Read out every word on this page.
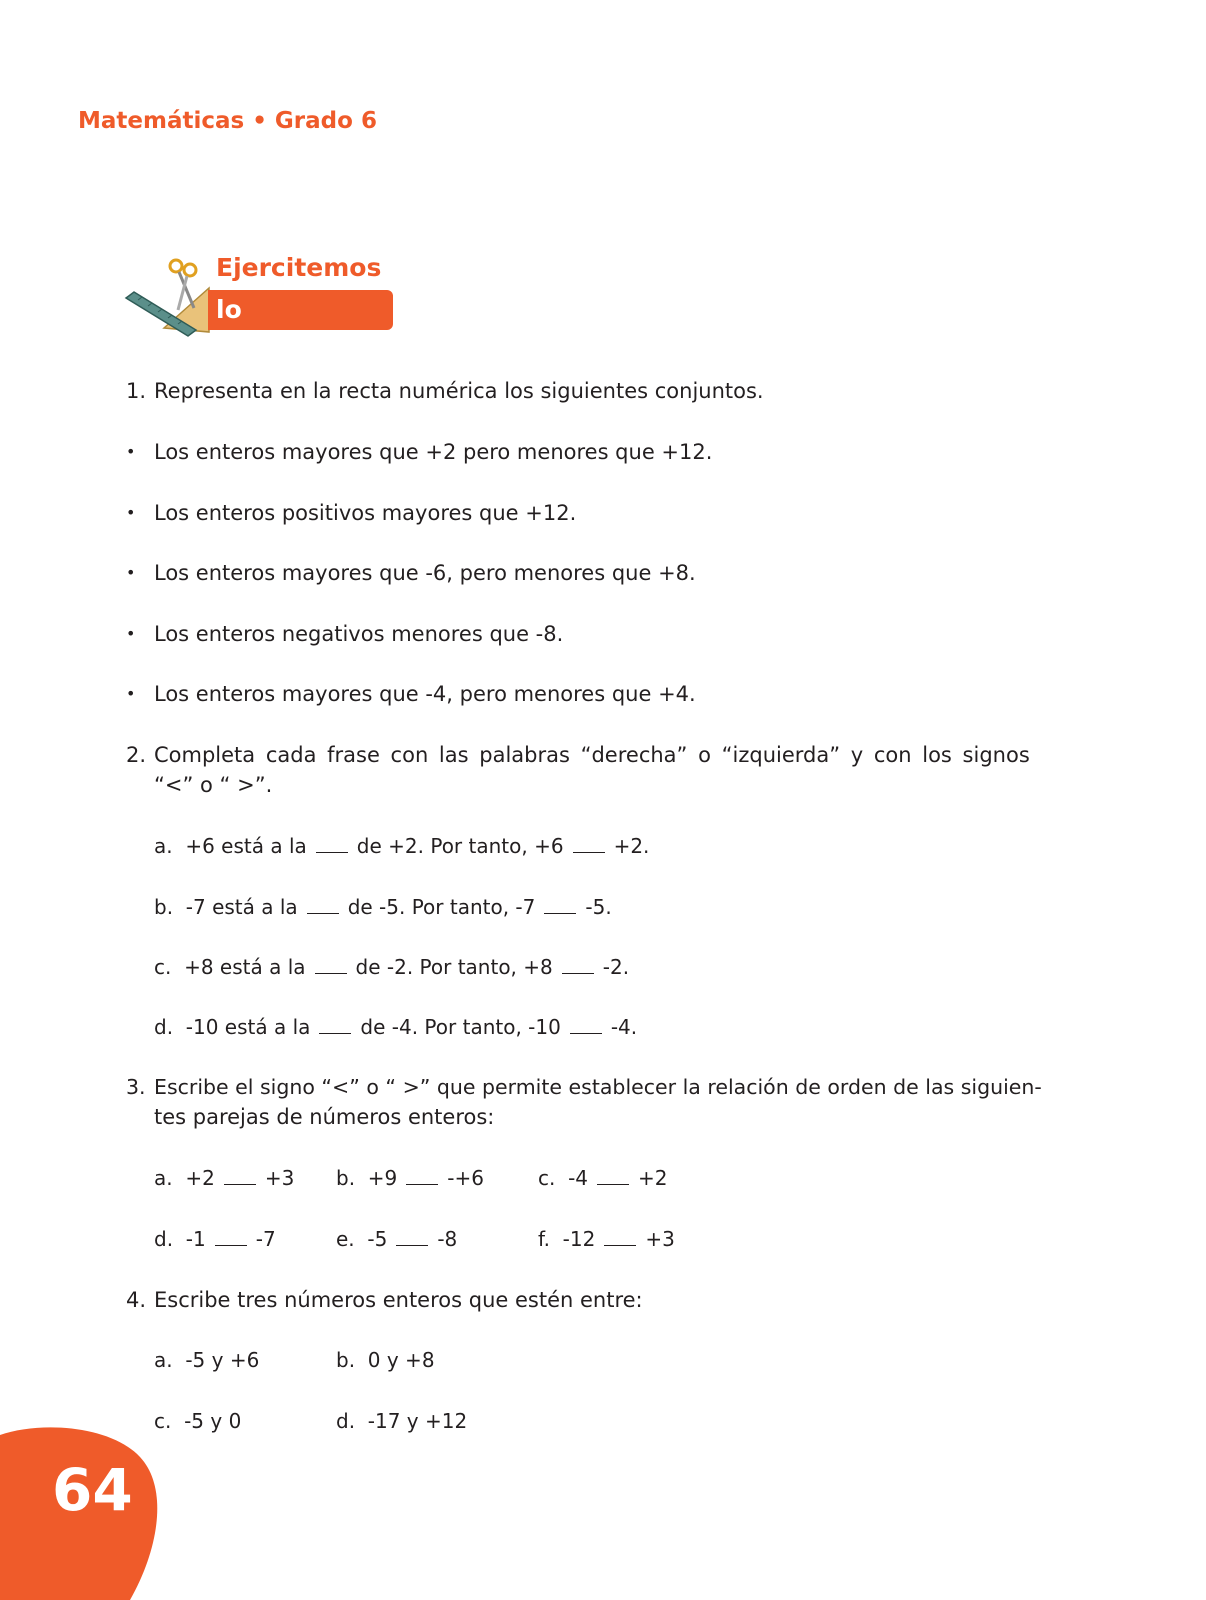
Matemáticas • Grado 6
Ejercitemos
lo aprendido
1. Representa en la recta numérica los siguientes conjuntos.
• Los enteros mayores que +2 pero menores que +12.
• Los enteros positivos mayores que +12.
• Los enteros mayores que -6, pero menores que +8.
• Los enteros negativos menores que -8.
• Los enteros mayores que -4, pero menores que +4.
2. Completa cada frase con las palabras “derecha” o “izquierda” y con los signos
“<” o “ >”.
a. +6 está a la	de +2. Por tanto, +6	+2.
b. -7 está a la	de -5. Por tanto, -7	-5.
c. +8 está a la	de -2. Por tanto, +8	-2.
d. -10 está a la	de -4. Por tanto, -10	-4.
3. Escribe el signo “<” o “ >” que permite establecer la relación de orden de las siguien-
tes parejas de números enteros:
a. +2	+3 b. +9	-+6	c. -4	+2
d. -1	-7	e. -5	-8	f. -12	+3
4. Escribe tres números enteros que estén entre:
a. -5 y +6	b. 0 y +8
c. -5 y 0	d. -17 y +12
64
